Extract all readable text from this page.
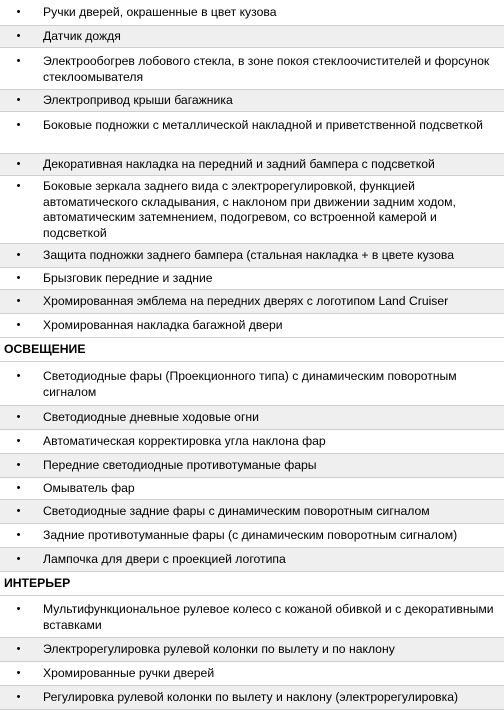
•	Ручки дверей, окрашенные в цвет кузова
•	Датчик дождя
•	Электрообогрев лобового стекла, в зоне покоя стеклоочистителей и форсунок стеклоомывателя
•	Электропривод крыши багажника
•	Боковые подножки с металлической накладной и приветственной подсветкой
•	Декоративная накладка на передний и задний бампера с подсветкой
•	Боковые зеркала заднего вида с электрорегулировкой, функцией автоматического складывания, с наклоном при движении задним ходом, автоматическим затемнением, подогревом, со встроенной камерой и подсветкой
•	Защита подножки заднего бампера (стальная накладка + в цвете кузова
•	Брызговик передние и задние
•	Хромированная эмблема на передних дверях с логотипом Land Cruiser
•	Хромированная накладка багажной двери
ОСВЕЩЕНИЕ
•	Светодиодные фары (Проекционного типа) с динамическим поворотным сигналом
•	Светодиодные дневные ходовые огни
•	Автоматическая корректировка угла наклона фар
•	Передние светодиодные противотуманые фары
•	Омыватель фар
•	Светодиодные задние фары с динамическим поворотным сигналом
•	Задние противотуманные фары (с динамическим поворотным сигналом)
•	Лампочка для двери с проекцией логотипа
ИНТЕРЬЕР
•	Мультифункциональное рулевое колесо с кожаной обивкой и с декоративными вставками
•	Электрорегулировка рулевой колонки по вылету и по наклону
•	Хромированные ручки дверей
•	Регулировка рулевой колонки по вылету и наклону (электрорегулировка)
